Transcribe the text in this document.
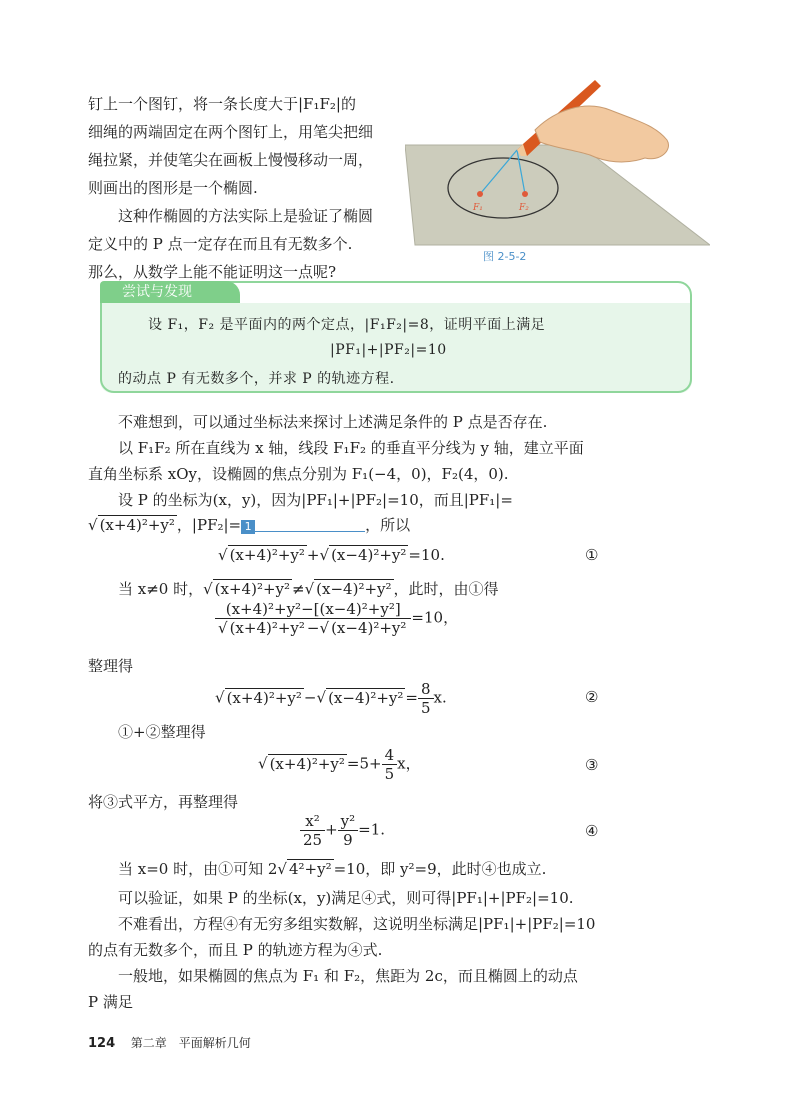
钉上一个图钉，将一条长度大于|F₁F₂|的
细绳的两端固定在两个图钉上，用笔尖把细
绳拉紧，并使笔尖在画板上慢慢移动一周，
则画出的图形是一个椭圆.
这种作椭圆的方法实际上是验证了椭圆
定义中的 P 点一定存在而且有无数多个.
那么，从数学上能不能证明这一点呢?
F₁	F₂
图 2-5-2
尝试与发现
设 F₁，F₂ 是平面内的两个定点，|F₁F₂|=8，证明平面上满足
|PF₁|+|PF₂|=10
的动点 P 有无数多个，并求 P 的轨迹方程.
不难想到，可以通过坐标法来探讨上述满足条件的 P 点是否存在.
以 F₁F₂ 所在直线为 x 轴，线段 F₁F₂ 的垂直平分线为 y 轴，建立平面
直角坐标系 xOy，设椭圆的焦点分别为 F₁(−4，0)，F₂(4，0).
设 P 的坐标为(x，y)，因为|PF₁|+|PF₂|=10，而且|PF₁|=
√ (x+4)²+y² ，|PF₂|= 1	，所以
√ (x+4)²+y² +√ (x−4)²+y² =10.	①
当 x≠0 时，√ (x+4)²+y² ≠√ (x−4)²+y² ，此时，由①得
$\frac{\text{(x+4)²+y²−[(x−4)²+y²]}}{\text{√ (x+4)²+y² −√ (x−4)²+y²}} =10$，
整理得
√ (x+4)²+y² −√ $(x-4)^2+y^2 = \frac{8}{5} x$.	②
①+②整理得
√ $(x+4)^2+y^2 =5+ \frac{4}{5}$ x，	③
将③式平方，再整理得
$\frac{\text{x²}}{25} + \frac{\text{y²}}{9} =1$.	④
当 x=0 时，由①可知 2√ 4²+y² =10，即 y²=9，此时④也成立.
可以验证，如果 P 的坐标(x，y)满足④式，则可得|PF₁|+|PF₂|=10.
不难看出，方程④有无穷多组实数解，这说明坐标满足|PF₁|+|PF₂|=10
的点有无数多个，而且 P 的轨迹方程为④式.
一般地，如果椭圆的焦点为 F₁ 和 F₂，焦距为 2c，而且椭圆上的动点
P 满足
124 第二章　平面解析几何
